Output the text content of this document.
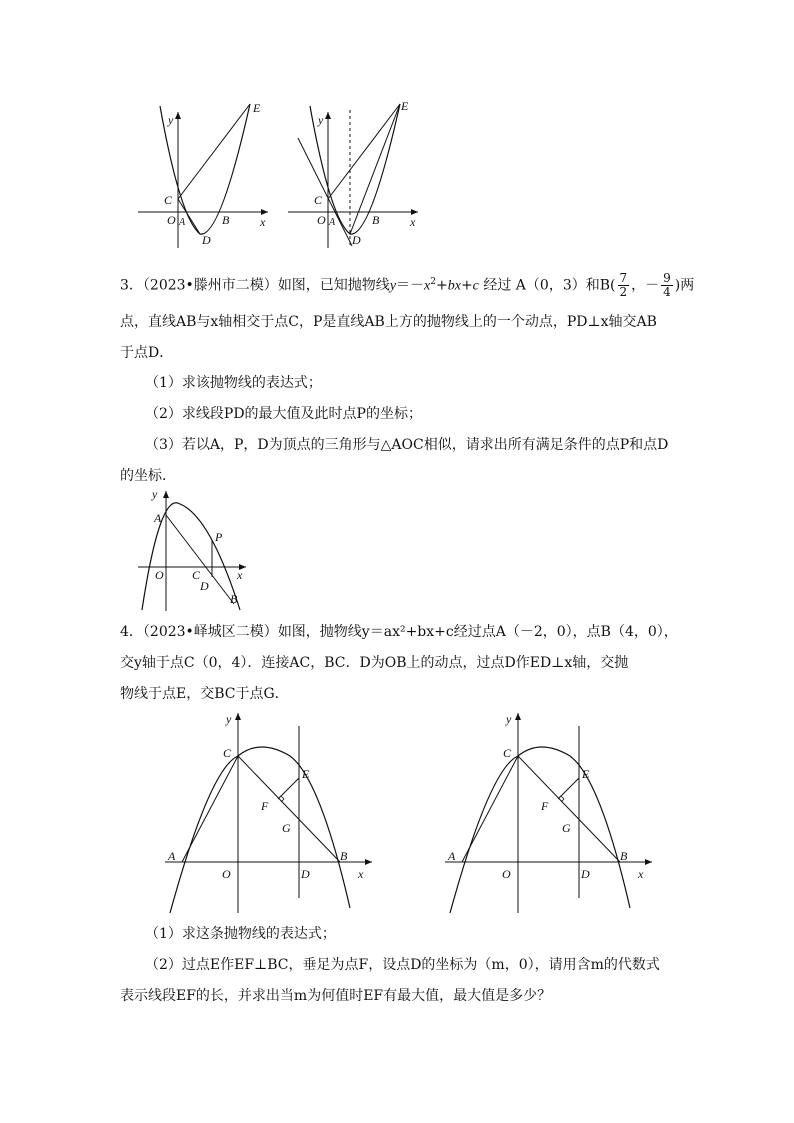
y
E
C
O A	B	x
D
y
E
C
O A	B	x
D
3．（2023•滕州市二模）如图，已知抛物线$y=-x^2+bx+c$ 经过 A（0，3）和$B( \frac{7}{2}$ ，－ $\frac{9}{4}$ )两
点，直线AB与x轴相交于点C，P是直线AB上方的抛物线上的一个动点，PD⊥x轴交AB
于点D．
（1）求该抛物线的表达式；
（2）求线段PD的最大值及此时点P的坐标；
（3）若以A，P，D为顶点的三角形与△AOC相似，请求出所有满足条件的点P和点D
的坐标．
y
A
P
O C	x
D
B
4．（2023•峄城区二模）如图，抛物线y＝ax²+bx+c经过点A（－2，0），点B（4，0），
交y轴于点C（0，4）．连接AC，BC．D为OB上的动点，过点D作ED⊥x轴，交抛
物线于点E，交BC于点G．
y
C
E
F
G
A	B
O	D	x
y
C
E
F
G
A	B
O	D	x
（1）求这条抛物线的表达式；
（2）过点E作EF⊥BC，垂足为点F，设点D的坐标为（m，0），请用含m的代数式
表示线段EF的长，并求出当m为何值时EF有最大值，最大值是多少？
